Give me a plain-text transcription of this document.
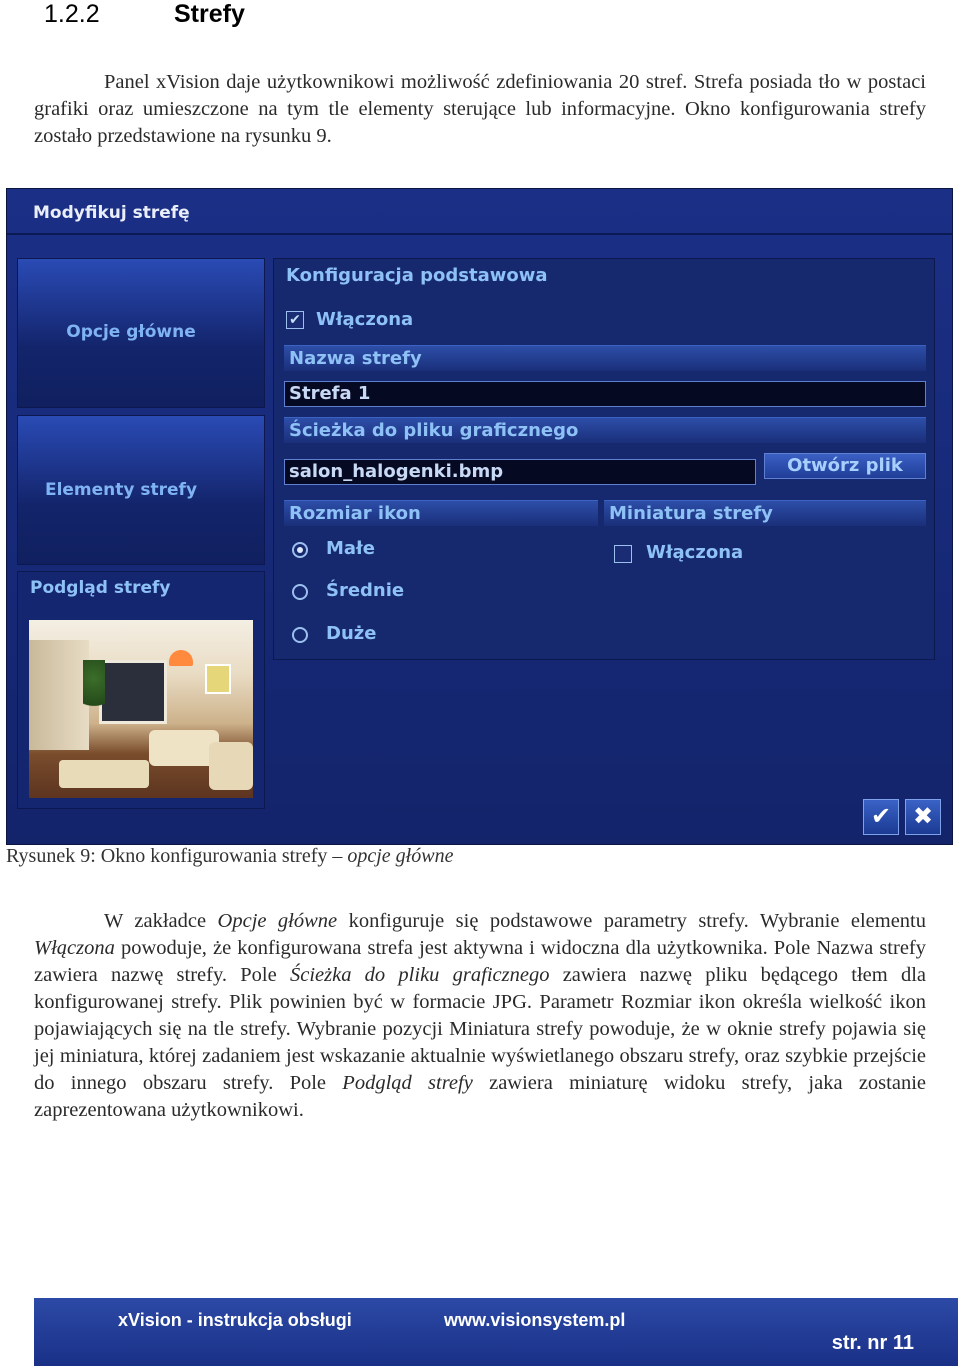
1.2.2	Strefy
Panel xVision daje użytkownikowi możliwość zdefiniowania 20 stref. Strefa posiada tło w postaci grafiki oraz umieszczone na tym tle elementy sterujące lub informacyjne. Okno konfigurowania strefy zostało przedstawione na rysunku 9.
Modyfikuj strefę
Opcje główne
Elementy strefy
Podgląd strefy
Konfiguracja podstawowa
✔ Włączona
Nazwa strefy
Strefa 1
Ścieżka do pliku graficznego
salon_halogenki.bmp	Otwórz plik
Rozmiar ikon	Miniatura strefy
Małe
Średnie
Duże
Włączona
✔ ✖
Rysunek 9: Okno konfigurowania strefy – opcje główne
W zakładce Opcje główne konfiguruje się podstawowe parametry strefy. Wybranie elementu Włączona powoduje, że konfigurowana strefa jest aktywna i widoczna dla użytkownika. Pole Nazwa strefy zawiera nazwę strefy. Pole Ścieżka do pliku graficznego zawiera nazwę pliku będącego tłem dla konfigurowanej strefy. Plik powinien być w formacie JPG. Parametr Rozmiar ikon określa wielkość ikon pojawiających się na tle strefy. Wybranie pozycji Miniatura strefy powoduje, że w oknie strefy pojawia się jej miniatura, której zadaniem jest wskazanie aktualnie wyświetlanego obszaru strefy, oraz szybkie przejście do innego obszaru strefy. Pole Podgląd strefy zawiera miniaturę widoku strefy, jaka zostanie zaprezentowana użytkownikowi.
xVision - instrukcja obsługi	www.visionsystem.pl
str. nr 11
